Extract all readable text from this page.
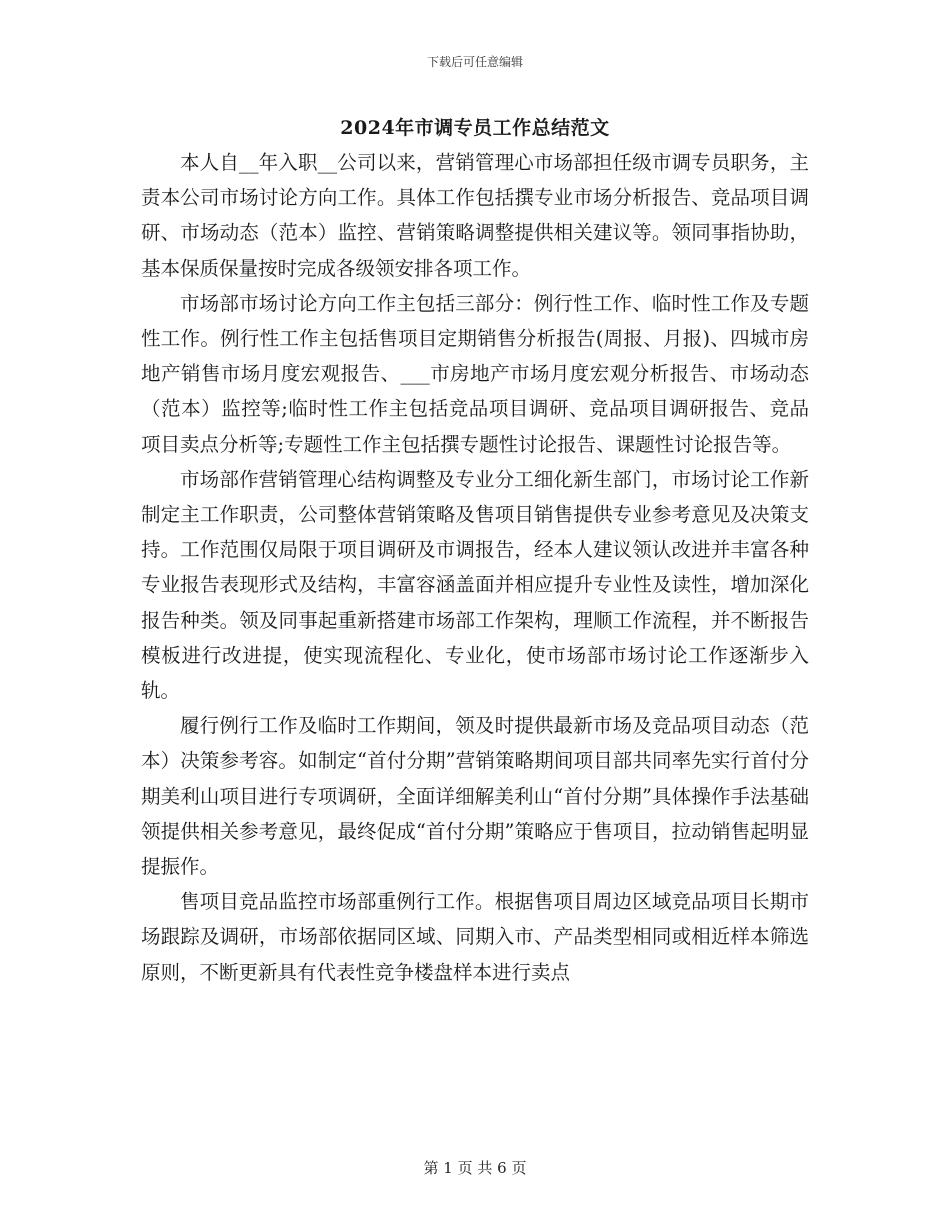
下载后可任意编辑
2024年市调专员工作总结范文

本人自__年入职__公司以来，营销管理心市场部担任级市调专员职务，主责本公司市场讨论方向工作。具体工作包括撰专业市场分析报告、竞品项目调研、市场动态（范本）监控、营销策略调整提供相关建议等。领同事指协助，基本保质保量按时完成各级领安排各项工作。

市场部市场讨论方向工作主包括三部分：例行性工作、临时性工作及专题性工作。例行性工作主包括售项目定期销售分析报告(周报、月报)、四城市房地产销售市场月度宏观报告、___市房地产市场月度宏观分析报告、市场动态（范本）监控等;临时性工作主包括竞品项目调研、竞品项目调研报告、竞品项目卖点分析等;专题性工作主包括撰专题性讨论报告、课题性讨论报告等。

市场部作营销管理心结构调整及专业分工细化新生部门，市场讨论工作新制定主工作职责，公司整体营销策略及售项目销售提供专业参考意见及决策支持。工作范围仅局限于项目调研及市调报告，经本人建议领认改进并丰富各种专业报告表现形式及结构，丰富容涵盖面并相应提升专业性及读性，增加深化报告种类。领及同事起重新搭建市场部工作架构，理顺工作流程，并不断报告模板进行改进提，使实现流程化、专业化，使市场部市场讨论工作逐渐步入轨。

履行例行工作及临时工作期间，领及时提供最新市场及竞品项目动态（范本）决策参考容。如制定“首付分期”营销策略期间项目部共同率先实行首付分期美利山项目进行专项调研，全面详细解美利山“首付分期”具体操作手法基础领提供相关参考意见，最终促成“首付分期”策略应于售项目，拉动销售起明显提振作。

售项目竞品监控市场部重例行工作。根据售项目周边区域竞品项目长期市场跟踪及调研，市场部依据同区域、同期入市、产品类型相同或相近样本筛选原则，不断更新具有代表性竞争楼盘样本进行卖点

第 1 页 共 6 页
